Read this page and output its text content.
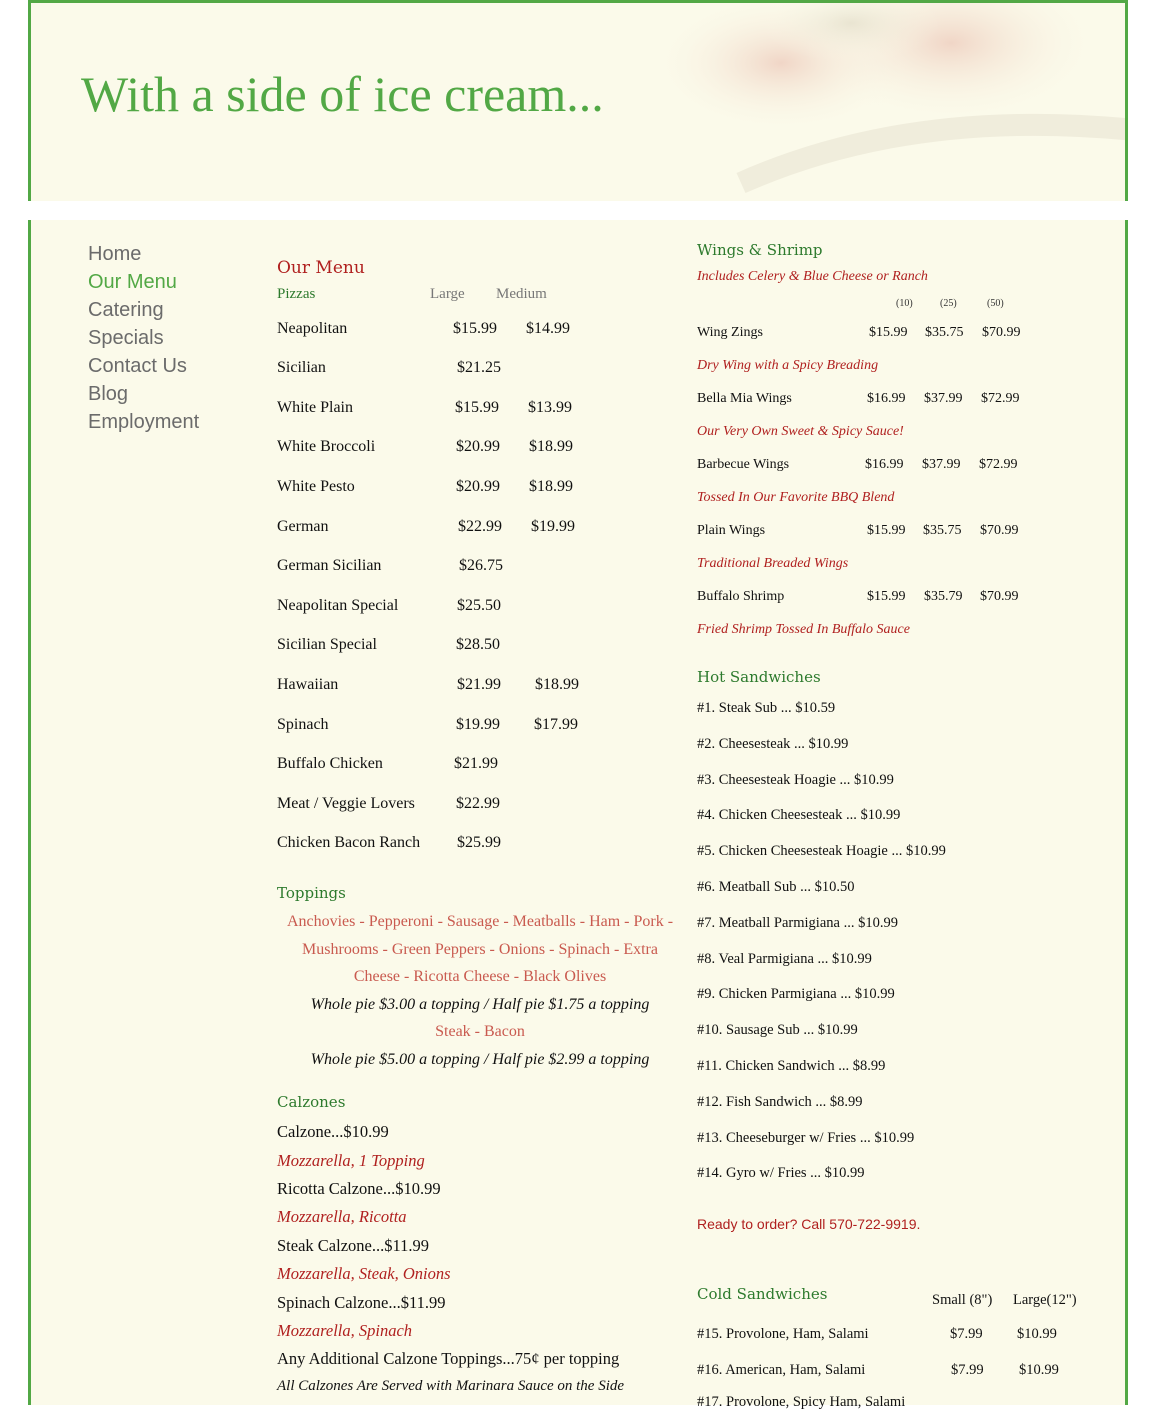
With a side of ice cream...
Home
Our Menu
Catering
Specials
Contact Us
Blog
Employment
Our Menu
Pizzas	Large Medium
Neapolitan	$15.99 $14.99
Sicilian	$21.25
White Plain	$15.99 $13.99
White Broccoli	$20.99 $18.99
White Pesto	$20.99 $18.99
German	$22.99 $19.99
German Sicilian	$26.75
Neapolitan Special	$25.50
Sicilian Special	$28.50
Hawaiian	$21.99 $18.99
Spinach	$19.99 $17.99
Buffalo Chicken	$21.99
Meat / Veggie Lovers	$22.99
Chicken Bacon Ranch $25.99
Toppings
Anchovies - Pepperoni - Sausage - Meatballs - Ham - Pork - Mushrooms - Green Peppers - Onions - Spinach - Extra Cheese - Ricotta Cheese - Black Olives
Whole pie $3.00 a topping / Half pie $1.75 a topping
Steak - Bacon
Whole pie $5.00 a topping / Half pie $2.99 a topping
Calzones
Calzone...$10.99
Mozzarella, 1 Topping
Ricotta Calzone...$10.99
Mozzarella, Ricotta
Steak Calzone...$11.99
Mozzarella, Steak, Onions
Spinach Calzone...$11.99
Mozzarella, Spinach
Any Additional Calzone Toppings...75¢ per topping
All Calzones Are Served with Marinara Sauce on the Side
Wings & Shrimp
Includes Celery & Blue Cheese or Ranch
(10)	(25)	(50)
Wing Zings	$15.99 $35.75 $70.99
Dry Wing with a Spicy Breading
Bella Mia Wings	$16.99 $37.99 $72.99
Our Very Own Sweet & Spicy Sauce!
Barbecue Wings	$16.99 $37.99 $72.99
Tossed In Our Favorite BBQ Blend
Plain Wings	$15.99 $35.75 $70.99
Traditional Breaded Wings
Buffalo Shrimp	$15.99 $35.79 $70.99
Fried Shrimp Tossed In Buffalo Sauce
Hot Sandwiches
#1. Steak Sub ... $10.59
#2. Cheesesteak ... $10.99
#3. Cheesesteak Hoagie ... $10.99
#4. Chicken Cheesesteak ... $10.99
#5. Chicken Cheesesteak Hoagie ... $10.99
#6. Meatball Sub ... $10.50
#7. Meatball Parmigiana ... $10.99
#8. Veal Parmigiana ... $10.99
#9. Chicken Parmigiana ... $10.99
#10. Sausage Sub ... $10.99
#11. Chicken Sandwich ... $8.99
#12. Fish Sandwich ... $8.99
#13. Cheeseburger w/ Fries ... $10.99
#14. Gyro w/ Fries ... $10.99
Ready to order? Call 570-722-9919.
Cold Sandwiches	Small (8") Large(12")
#15. Provolone, Ham, Salami	$7.99 $10.99
#16. American, Ham, Salami	$7.99 $10.99
#17. Provolone, Spicy Ham, Salami
